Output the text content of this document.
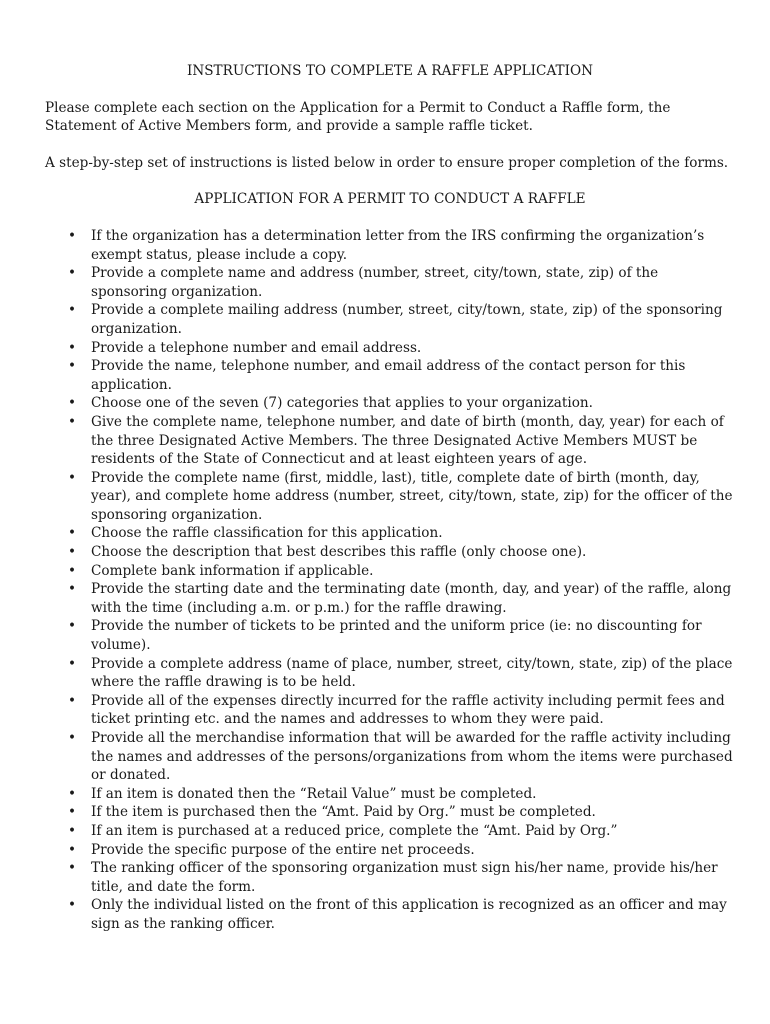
INSTRUCTIONS TO COMPLETE A RAFFLE APPLICATION

Please complete each section on the Application for a Permit to Conduct a Raffle form, the Statement of Active Members form, and provide a sample raffle ticket.

A step-by-step set of instructions is listed below in order to ensure proper completion of the forms.

APPLICATION FOR A PERMIT TO CONDUCT A RAFFLE
• If the organization has a determination letter from the IRS confirming the organization’s exempt status, please include a copy.
• Provide a complete name and address (number, street, city/town, state, zip) of the sponsoring organization.
• Provide a complete mailing address (number, street, city/town, state, zip) of the sponsoring organization.
• Provide a telephone number and email address.
• Provide the name, telephone number, and email address of the contact person for this application.
• Choose one of the seven (7) categories that applies to your organization.
• Give the complete name, telephone number, and date of birth (month, day, year) for each of the three Designated Active Members. The three Designated Active Members MUST be residents of the State of Connecticut and at least eighteen years of age.
• Provide the complete name (first, middle, last), title, complete date of birth (month, day, year), and complete home address (number, street, city/town, state, zip) for the officer of the sponsoring organization.
• Choose the raffle classification for this application.
• Choose the description that best describes this raffle (only choose one).
• Complete bank information if applicable.
• Provide the starting date and the terminating date (month, day, and year) of the raffle, along with the time (including a.m. or p.m.) for the raffle drawing.
• Provide the number of tickets to be printed and the uniform price (ie: no discounting for volume).
• Provide a complete address (name of place, number, street, city/town, state, zip) of the place where the raffle drawing is to be held.
• Provide all of the expenses directly incurred for the raffle activity including permit fees and ticket printing etc. and the names and addresses to whom they were paid.
• Provide all the merchandise information that will be awarded for the raffle activity including the names and addresses of the persons/organizations from whom the items were purchased or donated.
• If an item is donated then the “Retail Value” must be completed.
• If the item is purchased then the “Amt. Paid by Org.” must be completed.
• If an item is purchased at a reduced price, complete the “Amt. Paid by Org.”
• Provide the specific purpose of the entire net proceeds.
• The ranking officer of the sponsoring organization must sign his/her name, provide his/her title, and date the form.
• Only the individual listed on the front of this application is recognized as an officer and may sign as the ranking officer.
